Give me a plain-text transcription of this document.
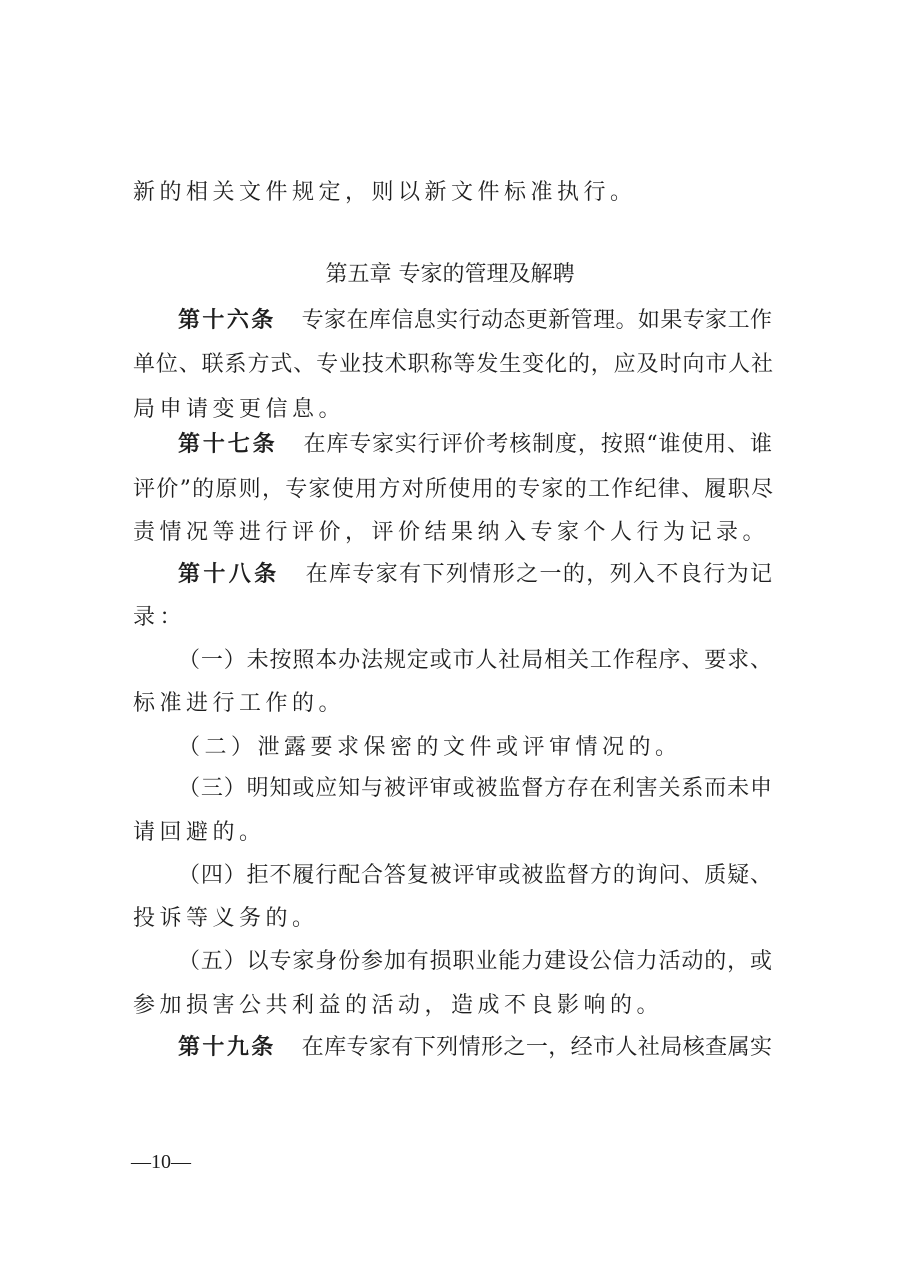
新的相关文件规定，则以新文件标准执行。
第五章 专家的管理及解聘
第十六条 专家在库信息实行动态更新管理。如果专家工作
单位、联系方式、专业技术职称等发生变化的，应及时向市人社
局申请变更信息。
第十七条 在库专家实行评价考核制度，按照“谁使用、谁
评价”的原则，专家使用方对所使用的专家的工作纪律、履职尽
责情况等进行评价，评价结果纳入专家个人行为记录。
第十八条 在库专家有下列情形之一的，列入不良行为记
录：
（一）未按照本办法规定或市人社局相关工作程序、要求、
标准进行工作的。
（二）泄露要求保密的文件或评审情况的。
（三）明知或应知与被评审或被监督方存在利害关系而未申
请回避的。
（四）拒不履行配合答复被评审或被监督方的询问、质疑、
投诉等义务的。
（五）以专家身份参加有损职业能力建设公信力活动的，或
参加损害公共利益的活动，造成不良影响的。
第十九条 在库专家有下列情形之一，经市人社局核查属实
—10—
